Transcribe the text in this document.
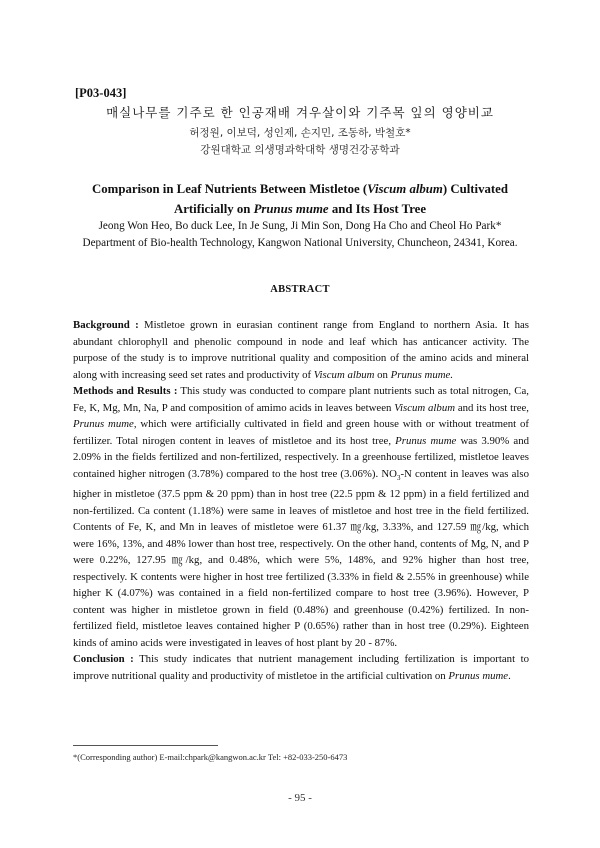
[P03-043]
매실나무를 기주로 한 인공재배 겨우살이와 기주목 잎의 영양비교
허정원, 이보덕, 성인제, 손지민, 조동하, 박철호*
강원대학교 의생명과학대학 생명건강공학과
Comparison in Leaf Nutrients Between Mistletoe (Viscum album) Cultivated
Artificially on Prunus mume and Its Host Tree
Jeong Won Heo, Bo duck Lee, In Je Sung, Ji Min Son, Dong Ha Cho and Cheol Ho Park*
Department of Bio-health Technology, Kangwon National University, Chuncheon, 24341, Korea.
ABSTRACT

Background : Mistletoe grown in eurasian continent range from England to northern Asia. It has abundant chlorophyll and phenolic compound in node and leaf which has anticancer activity. The purpose of the study is to improve nutritional quality and composition of the amino acids and mineral along with increasing seed set rates and productivity of Viscum album on Prunus mume.

Methods and Results : This study was conducted to compare plant nutrients such as total nitrogen, Ca, Fe, K, Mg, Mn, Na, P and composition of amimo acids in leaves between Viscum album and its host tree, Prunus mume, which were artificially cultivated in field and green house with or without treatment of fertilizer. Total nirogen content in leaves of mistletoe and its host tree, Prunus mume was 3.90% and 2.09% in the fields fertilized and non-fertilized, respectively. In a greenhouse fertilized, mistletoe leaves contained higher nitrogen (3.78%) compared to the host tree (3.06%). $NO_3-N$ content in leaves was also higher in mistletoe (37.5 ppm & 20 ppm) than in host tree (22.5 ppm & 12 ppm) in a field fertilized and non-fertilized. Ca content (1.18%) were same in leaves of mistletoe and host tree in the field fertilized. Contents of Fe, K, and Mn in leaves of mistletoe were 61.37 ㎎/kg, 3.33%, and 127.59 ㎎/kg, which were 16%, 13%, and 48% lower than host tree, respectively. On the other hand, contents of Mg, N, and P were 0.22%, 127.95 ㎎/kg, and 0.48%, which were 5%, 148%, and 92% higher than host tree, respectively. K contents were higher in host tree fertilized (3.33% in field & 2.55% in greenhouse) while higher K (4.07%) was contained in a field non-fertilized compare to host tree (3.96%). However, P content was higher in mistletoe grown in field (0.48%) and greenhouse (0.42%) fertilized. In non-fertilized field, mistletoe leaves contained higher P (0.65%) rather than in host tree (0.29%). Eighteen kinds of amino acids were investigated in leaves of host plant by 20 - 87%.

Conclusion : This study indicates that nutrient management including fertilization is important to improve nutritional quality and productivity of mistletoe in the artificial cultivation on Prunus mume.

*(Corresponding author) E-mail:chpark@kangwon.ac.kr Tel: +82-033-250-6473
- 95 -
